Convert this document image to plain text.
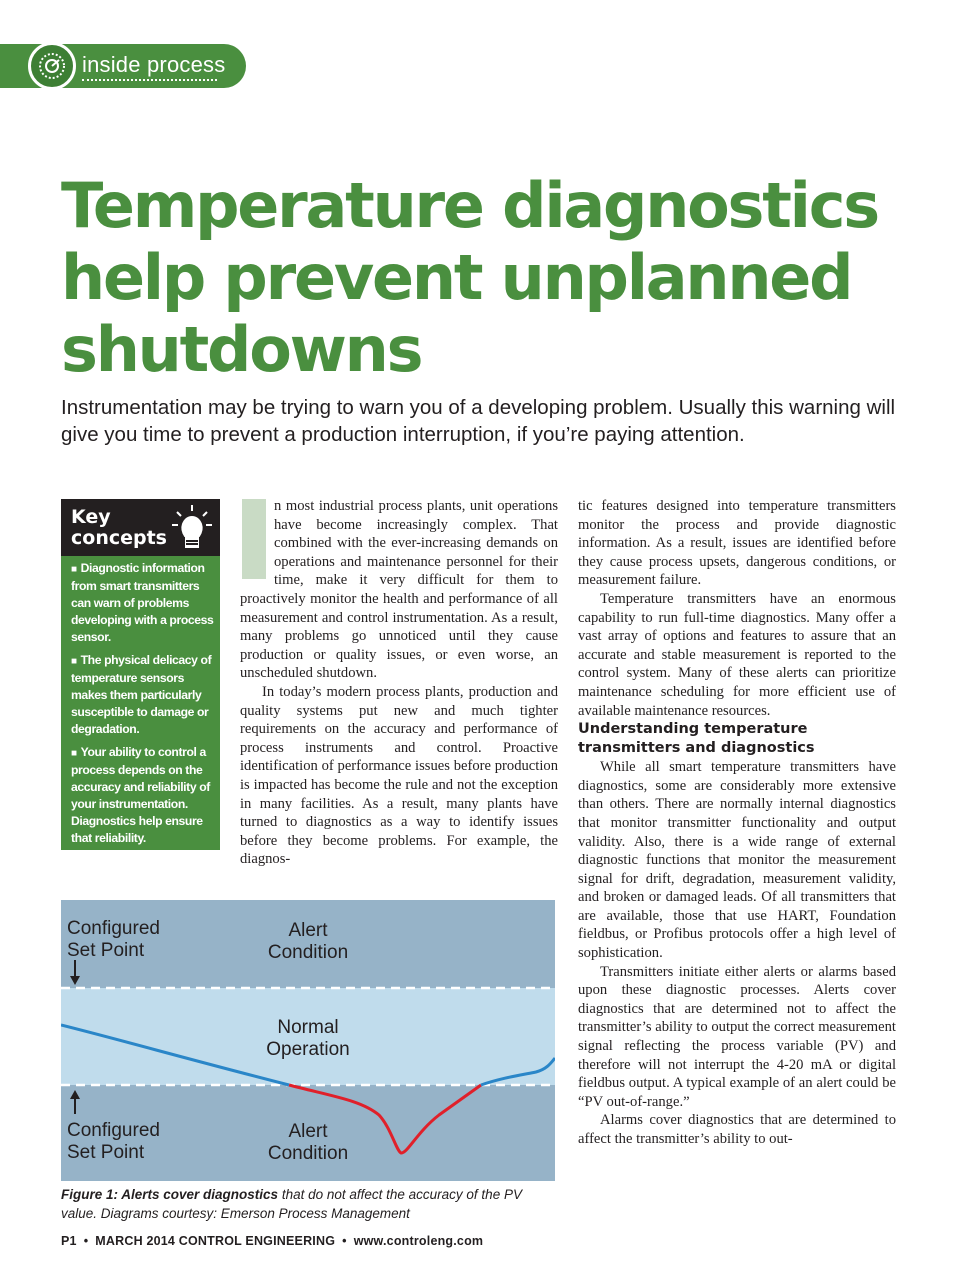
inside process
Temperature diagnostics help prevent unplanned shutdowns

Instrumentation may be trying to warn you of a developing problem. Usually this warning will give you time to prevent a production interruption, if you’re paying attention.

Key
concepts
■ Diagnostic information from smart transmitters can warn of problems developing with a process sensor.
■ The physical delicacy of temperature sensors makes them particularly susceptible to damage or degradation.
■ Your ability to control a process depends on the accuracy and reliability of your instrumentation. Diagnostics help ensure that reliability.

n most industrial process plants, unit operations have become increasingly complex. That combined with the ever-increasing demands on operations and maintenance personnel for their time, make it very difficult for them to proactively monitor the health and performance of all measurement and control instrumentation. As a result, many problems go unnoticed until they cause production or quality issues, or even worse, an unscheduled shutdown.

In today’s modern process plants, production and quality systems put new and much tighter requirements on the accuracy and performance of process instruments and control. Proactive identification of performance issues before production is impacted has become the rule and not the exception in many facilities. As a result, many plants have turned to diagnostics as a way to identify issues before they become problems. For example, the diagnos-

tic features designed into temperature transmitters monitor the process and provide diagnostic information. As a result, issues are identified before they cause process upsets, dangerous conditions, or measurement failure.

Temperature transmitters have an enormous capability to run full-time diagnostics. Many offer a vast array of options and features to assure that an accurate and stable measurement is reported to the control system. Many of these alerts can prioritize maintenance scheduling for more efficient use of available maintenance resources.

Understanding temperature transmitters and diagnostics

While all smart temperature transmitters have diagnostics, some are considerably more extensive than others. There are normally internal diagnostics that monitor transmitter functionality and output validity. Also, there is a wide range of external diagnostic functions that monitor the measurement signal for drift, degradation, measurement validity, and broken or damaged leads. Of all transmitters that are available, those that use HART, Foundation fieldbus, or Profibus protocols offer a high level of sophistication.

Transmitters initiate either alerts or alarms based upon these diagnostic processes. Alerts cover diagnostics that are determined not to affect the transmitter’s ability to output the correct measurement signal reflecting the process variable (PV) and therefore will not interrupt the 4-20 mA or digital fieldbus output. A typical example of an alert could be “PV out-of-range.”

Alarms cover diagnostics that are determined to affect the transmitter’s ability to out-

Configured Set Point
Alert Condition
Normal Operation
Configured Set Point
Alert Condition

Figure 1: Alerts cover diagnostics that do not affect the accuracy of the PV value. Diagrams courtesy: Emerson Process Management

P1 • MARCH 2014 CONTROL ENGINEERING • www.controleng.com
